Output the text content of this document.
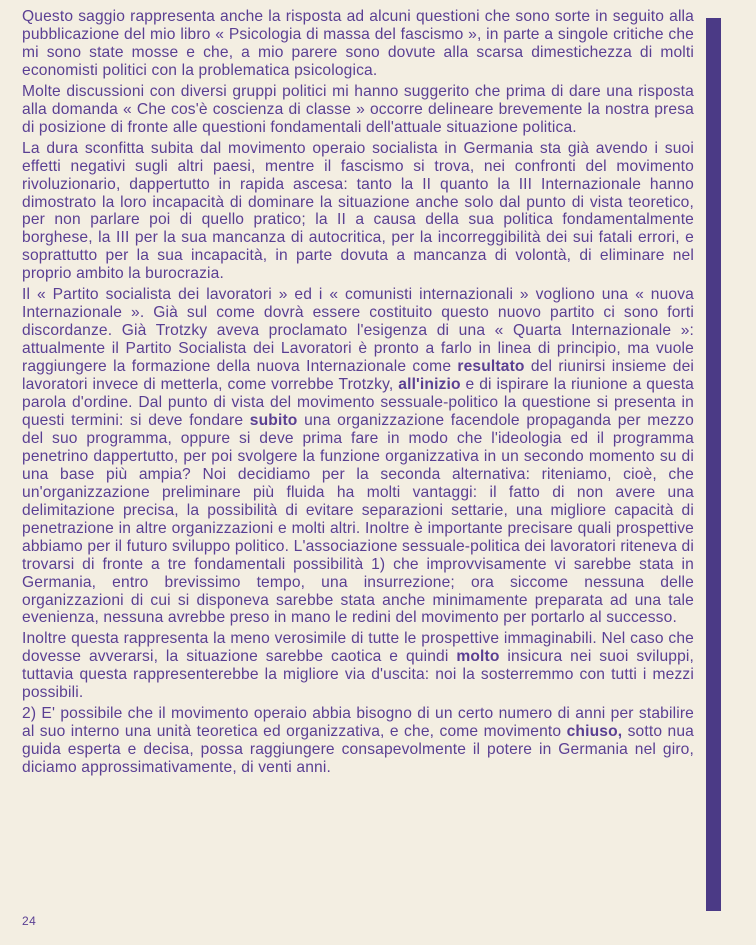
Questo saggio rappresenta anche la risposta ad alcuni questioni che sono sorte in seguito alla pubblicazione del mio libro « Psicologia di massa del fascismo », in parte a singole critiche che mi sono state mosse e che, a mio parere sono dovute alla scarsa dimestichezza di molti economisti politici con la problematica psicologica.

Molte discussioni con diversi gruppi politici mi hanno suggerito che prima di dare una risposta alla domanda « Che cos'è coscienza di classe » occorre delineare brevemente la nostra presa di posizione di fronte alle questioni fondamentali dell'attuale situazione politica.

La dura sconfitta subita dal movimento operaio socialista in Germania sta già avendo i suoi effetti negativi sugli altri paesi, mentre il fascismo si trova, nei confronti del movimento rivoluzionario, dappertutto in rapida ascesa: tanto la II quanto la III Internazionale hanno dimostrato la loro incapacità di dominare la situazione anche solo dal punto di vista teoretico, per non parlare poi di quello pratico; la II a causa della sua politica fondamentalmente borghese, la III per la sua mancanza di autocritica, per la incorreggibilità dei sui fatali errori, e soprattutto per la sua incapacità, in parte dovuta a mancanza di volontà, di eliminare nel proprio ambito la burocrazia.

Il « Partito socialista dei lavoratori » ed i « comunisti internazionali » vogliono una « nuova Internazionale ». Già sul come dovrà essere costituito questo nuovo partito ci sono forti discordanze. Già Trotzky aveva proclamato l'esigenza di una « Quarta Internazionale »: attualmente il Partito Socialista dei Lavoratori è pronto a farlo in linea di principio, ma vuole raggiungere la formazione della nuova Internazionale come resultato del riunirsi insieme dei lavoratori invece di metterla, come vorrebbe Trotzky, all'inizio e di ispirare la riunione a questa parola d'ordine. Dal punto di vista del movimento sessuale-politico la questione si presenta in questi termini: si deve fondare subito una organizzazione facendole propaganda per mezzo del suo programma, oppure si deve prima fare in modo che l'ideologia ed il programma penetrino dappertutto, per poi svolgere la funzione organizzativa in un secondo momento su di una base più ampia? Noi decidiamo per la seconda alternativa: riteniamo, cioè, che un'organizzazione preliminare più fluida ha molti vantaggi: il fatto di non avere una delimitazione precisa, la possibilità di evitare separazioni settarie, una migliore capacità di penetrazione in altre organizzazioni e molti altri. Inoltre è importante precisare quali prospettive abbiamo per il futuro sviluppo politico. L'associazione sessuale-politica dei lavoratori riteneva di trovarsi di fronte a tre fondamentali possibilità 1) che improvvisamente vi sarebbe stata in Germania, entro brevissimo tempo, una insurrezione; ora siccome nessuna delle organizzazioni di cui si disponeva sarebbe stata anche minimamente preparata ad una tale evenienza, nessuna avrebbe preso in mano le redini del movimento per portarlo al successo.

Inoltre questa rappresenta la meno verosimile di tutte le prospettive immaginabili. Nel caso che dovesse avverarsi, la situazione sarebbe caotica e quindi molto insicura nei suoi sviluppi, tuttavia questa rappresenterebbe la migliore via d'uscita: noi la sosterremmo con tutti i mezzi possibili.

2) E' possibile che il movimento operaio abbia bisogno di un certo numero di anni per stabilire al suo interno una unità teoretica ed organizzativa, e che, come movimento chiuso, sotto nua guida esperta e decisa, possa raggiungere consapevolmente il potere in Germania nel giro, diciamo approssimativamente, di venti anni.

24
